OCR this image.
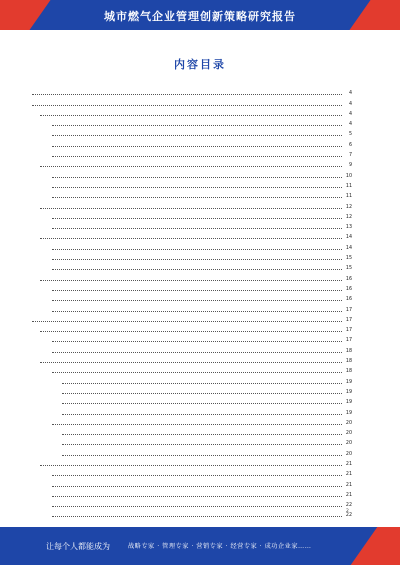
城市燃气企业管理创新策略研究报告
内容目录
4
4
4
4
5
6
7
9
10
11
11
12
12
13
14
14
15
15
16
16
16
17
17
17
17
18
18
18
19
19
19
19
20
20
20
20
21
21
21
21
22
22
2
让每个人都能成为	战略专家 · 管理专家 · 营销专家 · 经营专家 · 成功企业家……
